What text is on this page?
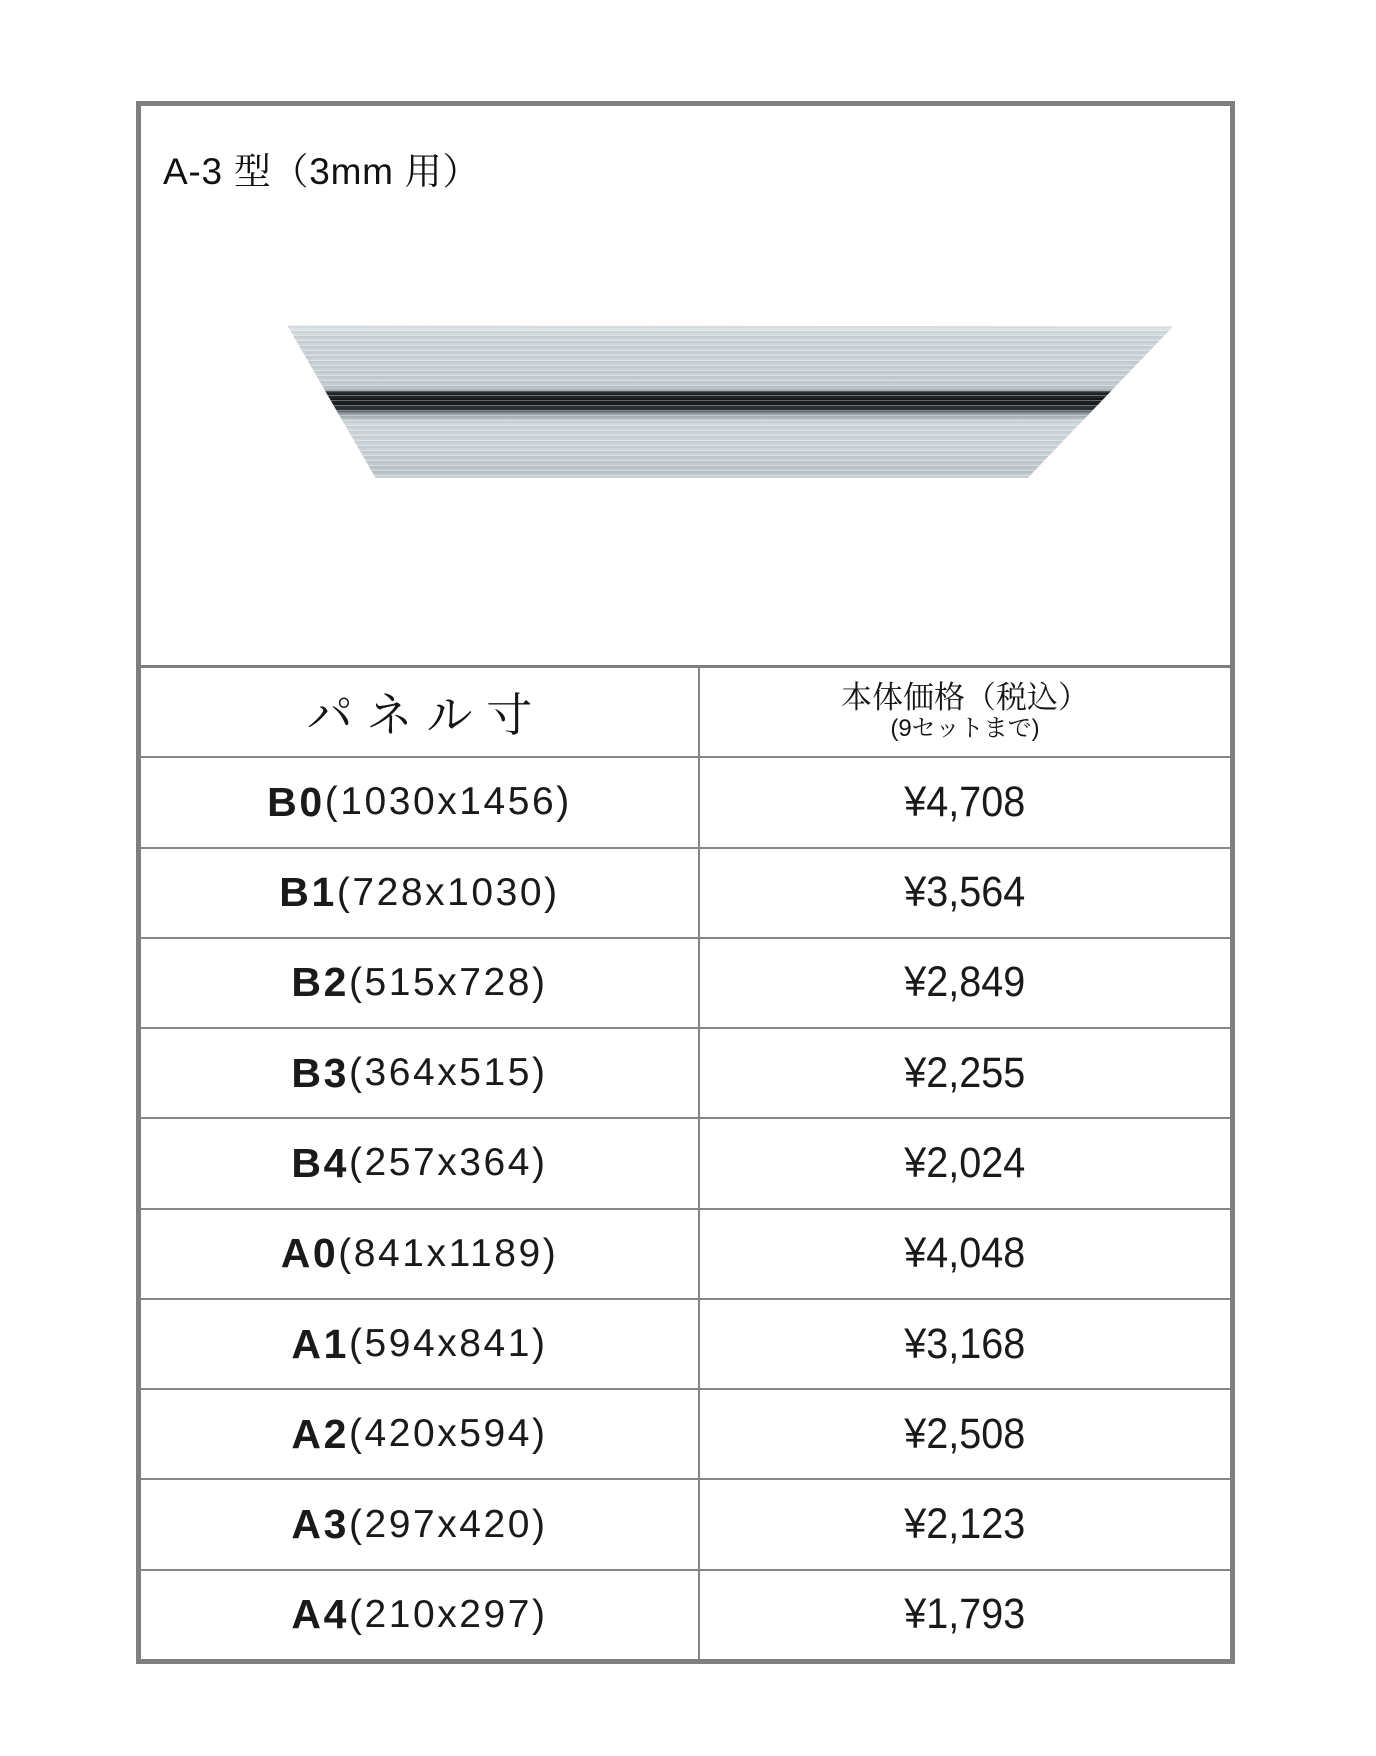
A-3 型（3mm 用）
パネル寸	本体価格（税込）
(9セットまで)
B0 (1030x1456)	¥4,708
B1 (728x1030)	¥3,564
B2 (515x728)	¥2,849
B3 (364x515)	¥2,255
B4 (257x364)	¥2,024
A0 (841x1189)	¥4,048
A1 (594x841)	¥3,168
A2 (420x594)	¥2,508
A3 (297x420)	¥2,123
A4 (210x297)	¥1,793
